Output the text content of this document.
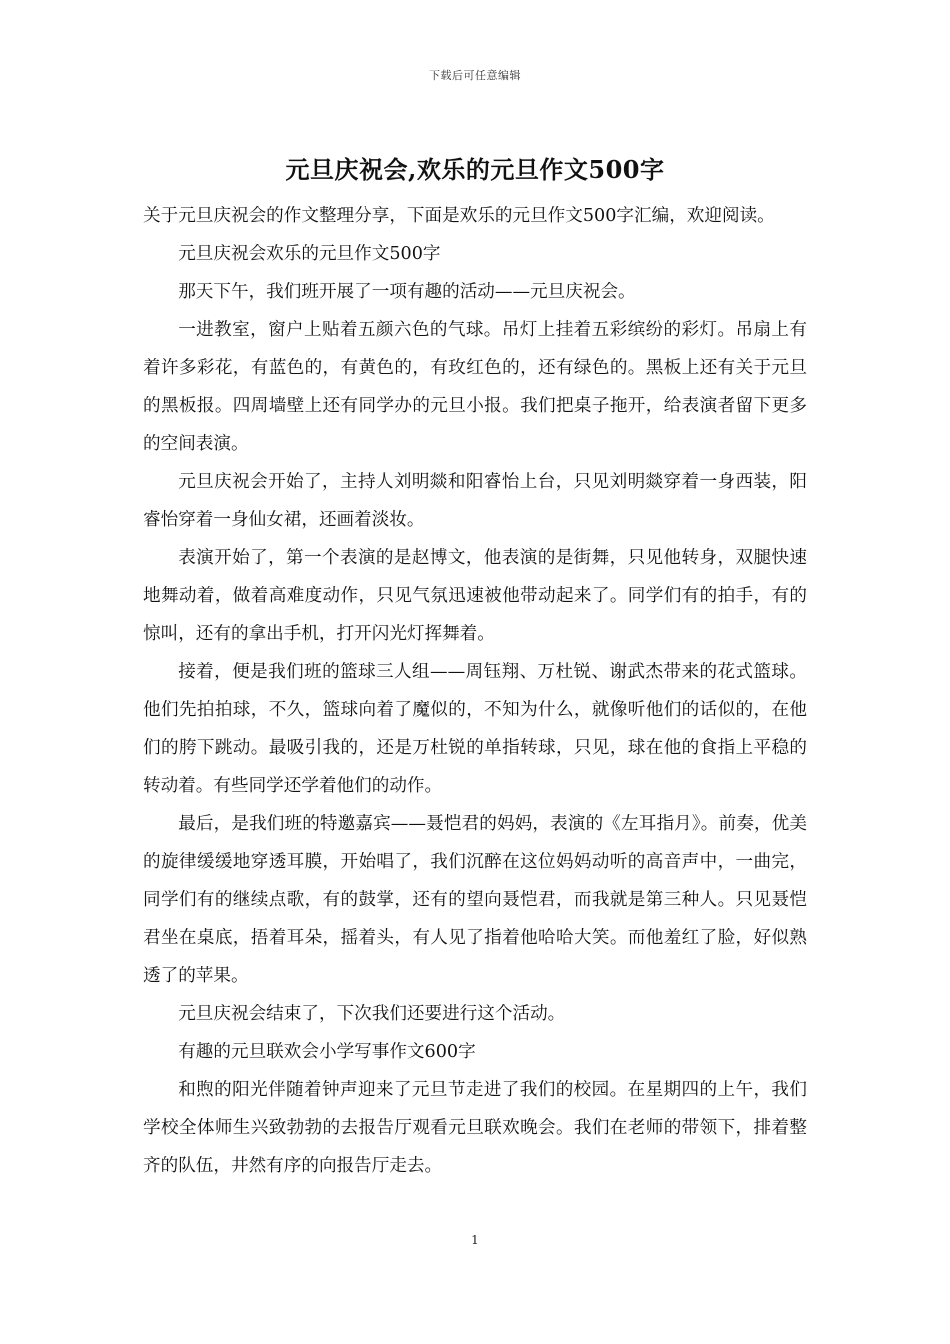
下载后可任意编辑
元旦庆祝会,欢乐的元旦作文500字

关于元旦庆祝会的作文整理分享，下面是欢乐的元旦作文500字汇编，欢迎阅读。

元旦庆祝会欢乐的元旦作文500字

那天下午，我们班开展了一项有趣的活动——元旦庆祝会。

一进教室，窗户上贴着五颜六色的气球。吊灯上挂着五彩缤纷的彩灯。吊扇上有着许多彩花，有蓝色的，有黄色的，有玫红色的，还有绿色的。黑板上还有关于元旦的黑板报。四周墙壁上还有同学办的元旦小报。我们把桌子拖开，给表演者留下更多的空间表演。

元旦庆祝会开始了，主持人刘明燚和阳睿怡上台，只见刘明燚穿着一身西装，阳睿怡穿着一身仙女裙，还画着淡妆。

表演开始了，第一个表演的是赵博文，他表演的是街舞，只见他转身，双腿快速地舞动着，做着高难度动作，只见气氛迅速被他带动起来了。同学们有的拍手，有的惊叫，还有的拿出手机，打开闪光灯挥舞着。

接着，便是我们班的篮球三人组——周钰翔、万杜锐、谢武杰带来的花式篮球。他们先拍拍球，不久，篮球向着了魔似的，不知为什么，就像听他们的话似的，在他们的胯下跳动。最吸引我的，还是万杜锐的单指转球，只见，球在他的食指上平稳的转动着。有些同学还学着他们的动作。

最后，是我们班的特邀嘉宾——聂恺君的妈妈，表演的《左耳指月》。前奏，优美的旋律缓缓地穿透耳膜，开始唱了，我们沉醉在这位妈妈动听的高音声中，一曲完，同学们有的继续点歌，有的鼓掌，还有的望向聂恺君，而我就是第三种人。只见聂恺君坐在桌底，捂着耳朵，摇着头，有人见了指着他哈哈大笑。而他羞红了脸，好似熟透了的苹果。

元旦庆祝会结束了，下次我们还要进行这个活动。

有趣的元旦联欢会小学写事作文600字

和煦的阳光伴随着钟声迎来了元旦节走进了我们的校园。在星期四的上午，我们学校全体师生兴致勃勃的去报告厅观看元旦联欢晚会。我们在老师的带领下，排着整齐的队伍，井然有序的向报告厅走去。

1
